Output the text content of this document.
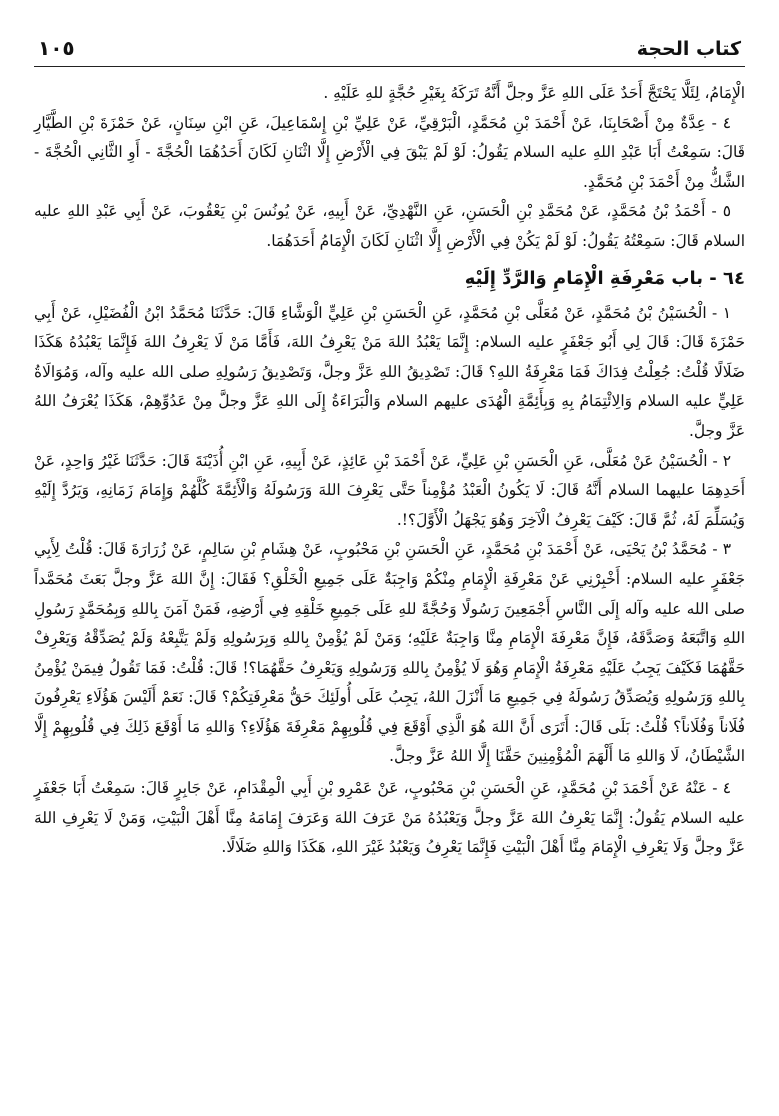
كتاب الحجة
١٠٥

الْإِمَامُ، لِئَلَّا يَحْتَجَّ أَحَدٌ عَلَى اللهِ عَزَّ وجلَّ أَنَّهُ تَرَكَهُ بِغَيْرِ حُجَّةٍ للهِ عَلَيْهِ .

٤ - عِدَّةٌ مِنْ أَصْحَابِنَا، عَنْ أَحْمَدَ بْنِ مُحَمَّدٍ، الْبَرْقِيِّ، عَنْ عَلِيِّ بْنِ إِسْمَاعِيلَ، عَنِ ابْنِ سِنَانٍ، عَنْ حَمْزَةَ بْنِ الطَّيَّارِ قَالَ: سَمِعْتُ أَبَا عَبْدِ اللهِ عليه السلام يَقُولُ: لَوْ لَمْ يَبْقَ فِي الْأَرْضِ إِلَّا اثْنَانِ لَكَانَ أَحَدُهُمَا الْحُجَّةَ - أَوِ الثَّانِي الْحُجَّةَ - الشَّكُّ مِنْ أَحْمَدَ بْنِ مُحَمَّدٍ.

٥ - أَحْمَدُ بْنُ مُحَمَّدٍ، عَنْ مُحَمَّدِ بْنِ الْحَسَنِ، عَنِ النَّهْدِيِّ، عَنْ أَبِيهِ، عَنْ يُونُسَ بْنِ يَعْقُوبَ، عَنْ أَبِي عَبْدِ اللهِ عليه السلام قَالَ: سَمِعْتُهُ يَقُولُ: لَوْ لَمْ يَكُنْ فِي الْأَرْضِ إِلَّا اثْنَانِ لَكَانَ الْإِمَامُ أَحَدَهُمَا.

٦٤ - باب مَعْرِفَةِ الْإِمَامِ وَالرَّدِّ إِلَيْهِ

١ - الْحُسَيْنُ بْنُ مُحَمَّدٍ، عَنْ مُعَلَّى بْنِ مُحَمَّدٍ، عَنِ الْحَسَنِ بْنِ عَلِيٍّ الْوَشَّاءِ قَالَ: حَدَّثَنَا مُحَمَّدُ ابْنُ الْفُضَيْلِ، عَنْ أَبِي حَمْزَةَ قَالَ: قَالَ لِي أَبُو جَعْفَرٍ عليه السلام: إِنَّمَا يَعْبُدُ اللهَ مَنْ يَعْرِفُ اللهَ، فَأَمَّا مَنْ لَا يَعْرِفُ اللهَ فَإِنَّمَا يَعْبُدُهُ هَكَذَا ضَلَالًا قُلْتُ: جُعِلْتُ فِدَاكَ فَمَا مَعْرِفَةُ اللهِ؟ قَالَ: تَصْدِيقُ اللهِ عَزَّ وجلَّ، وَتَصْدِيقُ رَسُولِهِ صلى الله عليه وآله، وَمُوَالَاةُ عَلِيٍّ عليه السلام وَالِائْتِمَامُ بِهِ وَبِأَئِمَّةِ الْهُدَى عليهم السلام وَالْبَرَاءَةُ إِلَى اللهِ عَزَّ وجلَّ مِنْ عَدُوِّهِمْ، هَكَذَا يُعْرَفُ اللهُ عَزَّ وجلَّ.

٢ - الْحُسَيْنُ عَنْ مُعَلَّى، عَنِ الْحَسَنِ بْنِ عَلِيٍّ، عَنْ أَحْمَدَ بْنِ عَائِذٍ، عَنْ أَبِيهِ، عَنِ ابْنِ أُذَيْنَةَ قَالَ: حَدَّثَنَا غَيْرُ وَاحِدٍ، عَنْ أَحَدِهِمَا عليهما السلام أَنَّهُ قَالَ: لَا يَكُونُ الْعَبْدُ مُؤْمِناً حَتَّى يَعْرِفَ اللهَ وَرَسُولَهُ وَالْأَئِمَّةَ كُلَّهُمْ وَإِمَامَ زَمَانِهِ، وَيَرُدَّ إِلَيْهِ وَيُسَلِّمَ لَهُ، ثُمَّ قَالَ: كَيْفَ يَعْرِفُ الْآخِرَ وَهُوَ يَجْهَلُ الْأَوَّلَ؟!.

٣ - مُحَمَّدُ بْنُ يَحْيَى، عَنْ أَحْمَدَ بْنِ مُحَمَّدٍ، عَنِ الْحَسَنِ بْنِ مَحْبُوبٍ، عَنْ هِشَامِ بْنِ سَالِمٍ، عَنْ زُرَارَةَ قَالَ: قُلْتُ لِأَبِي جَعْفَرٍ عليه السلام: أَخْبِرْنِي عَنْ مَعْرِفَةِ الْإِمَامِ مِنْكُمْ وَاجِبَةٌ عَلَى جَمِيعِ الْخَلْقِ؟ فَقَالَ: إِنَّ اللهَ عَزَّ وجلَّ بَعَثَ مُحَمَّداً صلى الله عليه وآله إِلَى النَّاسِ أَجْمَعِينَ رَسُولًا وَحُجَّةً للهِ عَلَى جَمِيعِ خَلْقِهِ فِي أَرْضِهِ، فَمَنْ آمَنَ بِاللهِ وَبِمُحَمَّدٍ رَسُولِ اللهِ وَاتَّبَعَهُ وَصَدَّقَهُ، فَإِنَّ مَعْرِفَةَ الْإِمَامِ مِنَّا وَاجِبَةٌ عَلَيْهِ؛ وَمَنْ لَمْ يُؤْمِنْ بِاللهِ وَبِرَسُولِهِ وَلَمْ يَتَّبِعْهُ وَلَمْ يُصَدِّقْهُ وَيَعْرِفْ حَقَّهُمَا فَكَيْفَ يَجِبُ عَلَيْهِ مَعْرِفَةُ الْإِمَامِ وَهُوَ لَا يُؤْمِنُ بِاللهِ وَرَسُولِهِ وَيَعْرِفُ حَقَّهُمَا؟! قَالَ: قُلْتُ: فَمَا تَقُولُ فِيمَنْ يُؤْمِنُ بِاللهِ وَرَسُولِهِ وَيُصَدِّقُ رَسُولَهُ فِي جَمِيعِ مَا أَنْزَلَ اللهُ، يَجِبُ عَلَى أُولَئِكَ حَقُّ مَعْرِفَتِكُمْ؟ قَالَ: نَعَمْ أَلَيْسَ هَؤُلَاءِ يَعْرِفُونَ فُلَاناً وَفُلَاناً؟ قُلْتُ: بَلَى قَالَ: أَتَرَى أَنَّ اللهَ هُوَ الَّذِي أَوْقَعَ فِي قُلُوبِهِمْ مَعْرِفَةَ هَؤُلَاءِ؟ وَاللهِ مَا أَوْقَعَ ذَلِكَ فِي قُلُوبِهِمْ إِلَّا الشَّيْطَانُ، لَا وَاللهِ مَا أَلْهَمَ الْمُؤْمِنِينَ حَقَّنَا إِلَّا اللهُ عَزَّ وجلَّ.

٤ - عَنْهُ عَنْ أَحْمَدَ بْنِ مُحَمَّدٍ، عَنِ الْحَسَنِ بْنِ مَحْبُوبٍ، عَنْ عَمْرِو بْنِ أَبِي الْمِقْدَامِ، عَنْ جَابِرٍ قَالَ: سَمِعْتُ أَبَا جَعْفَرٍ عليه السلام يَقُولُ: إِنَّمَا يَعْرِفُ اللهَ عَزَّ وجلَّ وَيَعْبُدُهُ مَنْ عَرَفَ اللهَ وَعَرَفَ إِمَامَهُ مِنَّا أَهْلَ الْبَيْتِ، وَمَنْ لَا يَعْرِفِ اللهَ عَزَّ وجلَّ وَلَا يَعْرِفِ الْإِمَامَ مِنَّا أَهْلَ الْبَيْتِ فَإِنَّمَا يَعْرِفُ وَيَعْبُدُ غَيْرَ اللهِ، هَكَذَا وَاللهِ ضَلَالًا.
